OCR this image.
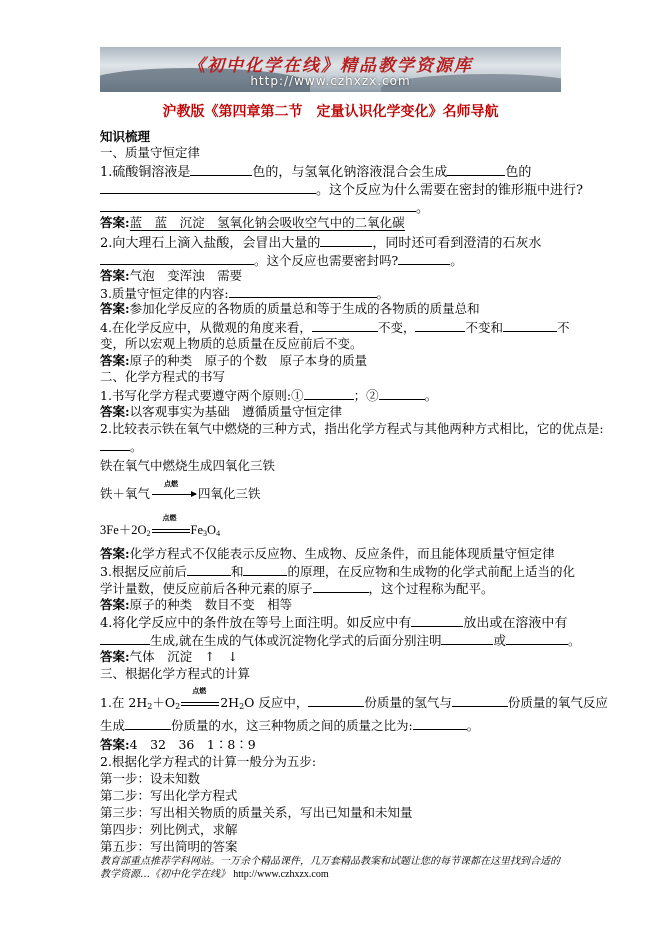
《初中化学在线》精品教学资源库
http://www.czhxzx.com
沪教版《第四章第二节　定量认识化学变化》名师导航
知识梳理
一、质量守恒定律
1.硫酸铜溶液是	色的，与氢氧化钠溶液混合会生成	色的
。这个反应为什么需要在密封的锥形瓶中进行?
。
答案:蓝　蓝　沉淀　氢氧化钠会吸收空气中的二氧化碳
2.向大理石上滴入盐酸，会冒出大量的	，同时还可看到澄清的石灰水
。这个反应也需要密封吗?	。
答案:气泡　变浑浊　需要
3.质量守恒定律的内容:	。
答案:参加化学反应的各物质的质量总和等于生成的各物质的质量总和
4.在化学反应中，从微观的角度来看，	不变，	不变和	不
变，所以宏观上物质的总质量在反应前后不变。
答案:原子的种类　原子的个数　原子本身的质量
二、化学方程式的书写
1.书写化学方程式要遵守两个原则:①	；②	。
答案:以客观事实为基础　遵循质量守恒定律
2.比较表示铁在氧气中燃烧的三种方式，指出化学方程式与其他两种方式相比，它的优点是:
。
铁在氧气中燃烧生成四氧化三铁
铁＋氧气
点燃
四氧化三铁
$3Fe+2O_2$
点燃
$Fe_3O_4$
答案:化学方程式不仅能表示反应物、生成物、反应条件，而且能体现质量守恒定律
3.根据反应前后	和	的原理，在反应物和生成物的化学式前配上适当的化
学计量数，使反应前后各种元素的原子	，这个过程称为配平。
答案:原子的种类　数目不变　相等
4.将化学反应中的条件放在等号上面注明。如反应中有	放出或在溶液中有
生成,就在生成的气体或沉淀物化学式的后面分别注明	或	。
答案:气体　沉淀　↑　↓
三、根据化学方程式的计算
1.在 $2H_2+O_2$
点燃
$2H_2O$ 反应中，	份质量的氢气与	份质量的氧气反应
生成	份质量的水，这三种物质之间的质量之比为:	。
答案:4　32　36　1∶8∶9
2.根据化学方程式的计算一般分为五步:
第一步：设未知数
第二步：写出化学方程式
第三步：写出相关物质的质量关系，写出已知量和未知量
第四步：列比例式，求解
第五步：写出简明的答案
教育部重点推荐学科网站。一万余个精品课件，几万套精品教案和试题让您的每节课都在这里找到合适的
教学资源…《初中化学在线》 http://www.czhxzx.com
